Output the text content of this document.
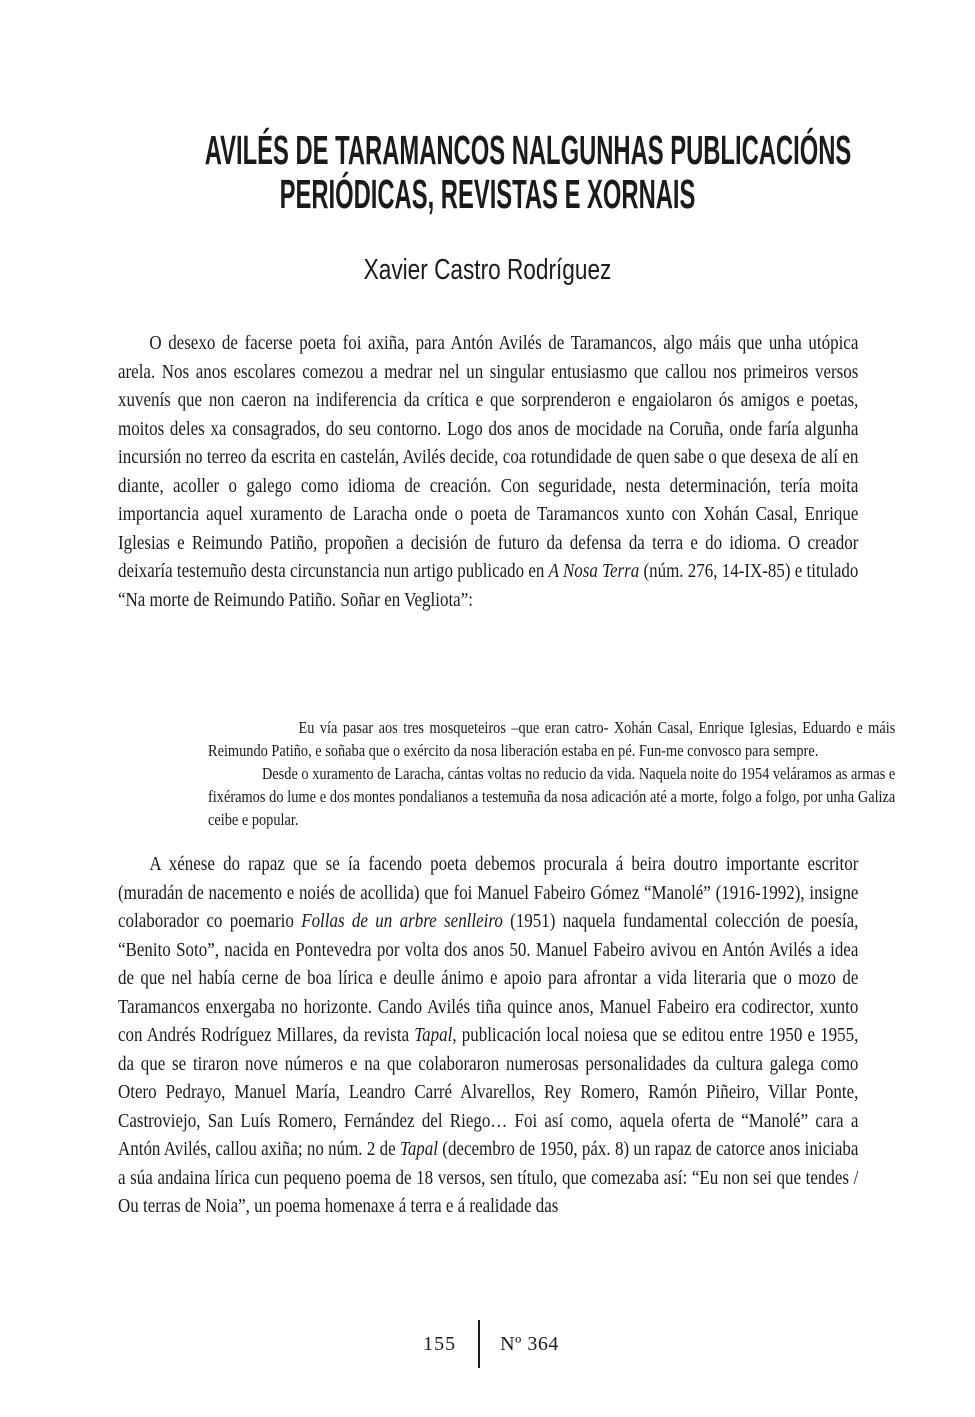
AVILÉS DE TARAMANCOS NALGUNHAS PUBLICACIÓNS
PERIÓDICAS, REVISTAS E XORNAIS
Xavier Castro Rodríguez

O desexo de facerse poeta foi axiña, para Antón Avilés de Taramancos, algo máis que unha utópica arela. Nos anos escolares comezou a medrar nel un singular entusiasmo que callou nos primeiros versos xuvenís que non caeron na indiferencia da crítica e que sorprenderon e engaiolaron ós amigos e poetas, moitos deles xa consagrados, do seu contorno. Logo dos anos de mocidade na Coruña, onde faría algunha incursión no terreo da escrita en castelán, Avilés decide, coa rotundidade de quen sabe o que desexa de alí en diante, acoller o galego como idioma de creación. Con seguridade, nesta determinación, tería moita importancia aquel xuramento de Laracha onde o poeta de Taramancos xunto con Xohán Casal, Enrique Iglesias e Reimundo Patiño, propoñen a decisión de futuro da defensa da terra e do idioma. O creador deixaría testemuño desta circunstancia nun artigo publicado en A Nosa Terra (núm. 276, 14-IX-85) e titulado “Na morte de Reimundo Patiño. Soñar en Vegliota”:

Eu vía pasar aos tres mosqueteiros –que eran catro- Xohán Casal, Enrique Iglesias, Eduardo e máis Reimundo Patiño, e soñaba que o exército da nosa liberación estaba en pé. Fun-me convosco para sempre.

Desde o xuramento de Laracha, cántas voltas no reducio da vida. Naquela noite do 1954 veláramos as armas e fixéramos do lume e dos montes pondalianos a testemuña da nosa adicación até a morte, folgo a folgo, por unha Galiza ceibe e popular.

A xénese do rapaz que se ía facendo poeta debemos procurala á beira doutro importante escritor (muradán de nacemento e noiés de acollida) que foi Manuel Fabeiro Gómez “Manolé” (1916-1992), insigne colaborador co poemario Follas de un arbre senlleiro (1951) naquela fundamental colección de poesía, “Benito Soto”, nacida en Pontevedra por volta dos anos 50. Manuel Fabeiro avivou en Antón Avilés a idea de que nel había cerne de boa lírica e deulle ánimo e apoio para afrontar a vida literaria que o mozo de Taramancos enxergaba no horizonte. Cando Avilés tiña quince anos, Manuel Fabeiro era codirector, xunto con Andrés Rodríguez Millares, da revista Tapal, publicación local noiesa que se editou entre 1950 e 1955, da que se tiraron nove números e na que colaboraron numerosas personalidades da cultura galega como Otero Pedrayo, Manuel María, Leandro Carré Alvarellos, Rey Romero, Ramón Piñeiro, Villar Ponte, Castroviejo, San Luís Romero, Fernández del Riego… Foi así como, aquela oferta de “Manolé” cara a Antón Avilés, callou axiña; no núm. 2 de Tapal (decembro de 1950, páx. 8) un rapaz de catorce anos iniciaba a súa andaina lírica cun pequeno poema de 18 versos, sen título, que comezaba así: “Eu non sei que tendes / Ou terras de Noia”, un poema homenaxe á terra e á realidade das

155 Nº 364
